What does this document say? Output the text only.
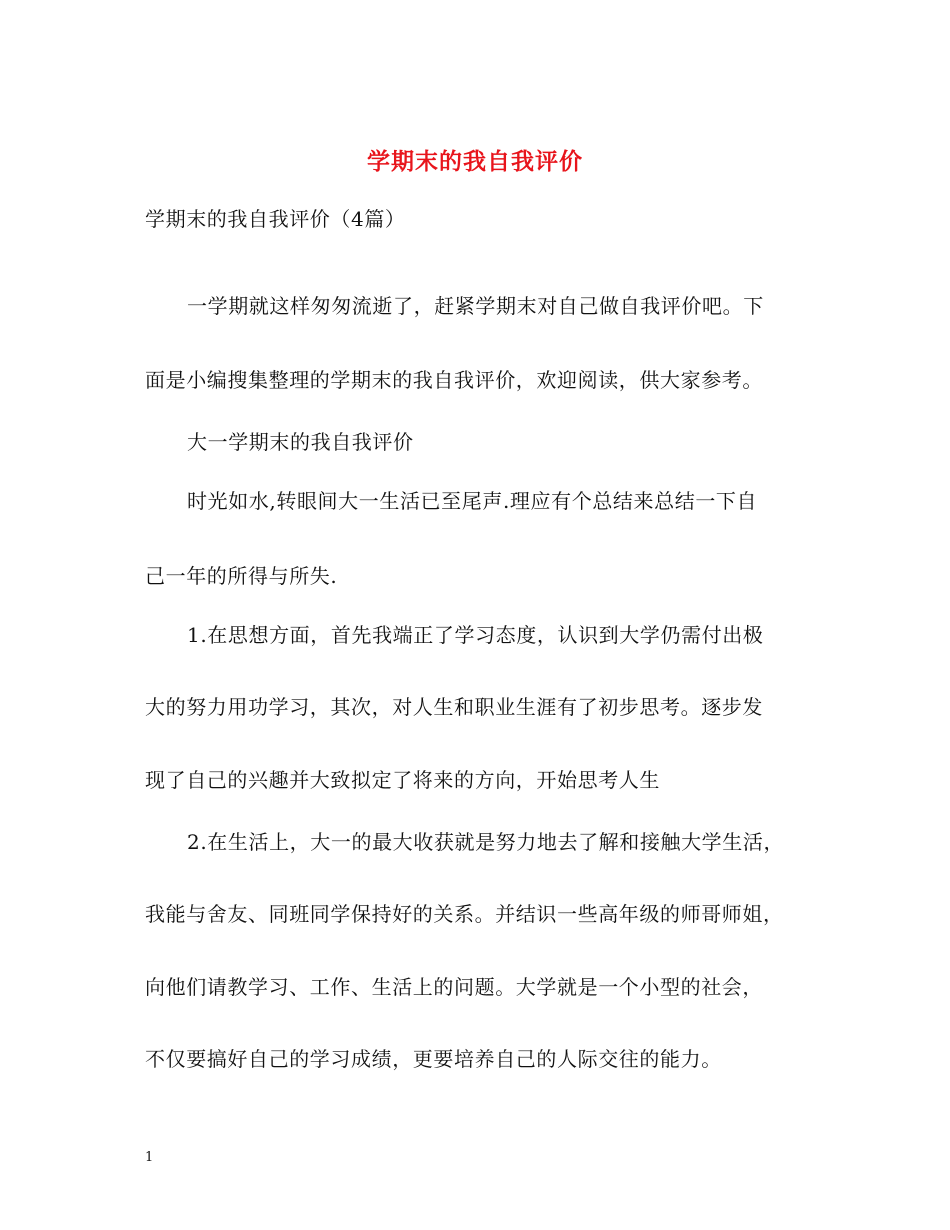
学期末的我自我评价
学期末的我自我评价（4篇）
一学期就这样匆匆流逝了，赶紧学期末对自己做自我评价吧。下
面是小编搜集整理的学期末的我自我评价，欢迎阅读，供大家参考。
大一学期末的我自我评价
时光如水,转眼间大一生活已至尾声.理应有个总结来总结一下自
己一年的所得与所失.
1.在思想方面，首先我端正了学习态度，认识到大学仍需付出极
大的努力用功学习，其次，对人生和职业生涯有了初步思考。逐步发
现了自己的兴趣并大致拟定了将来的方向，开始思考人生
2.在生活上，大一的最大收获就是努力地去了解和接触大学生活，
我能与舍友、同班同学保持好的关系。并结识一些高年级的师哥师姐，
向他们请教学习、工作、生活上的问题。大学就是一个小型的社会，
不仅要搞好自己的学习成绩，更要培养自己的人际交往的能力。
1
